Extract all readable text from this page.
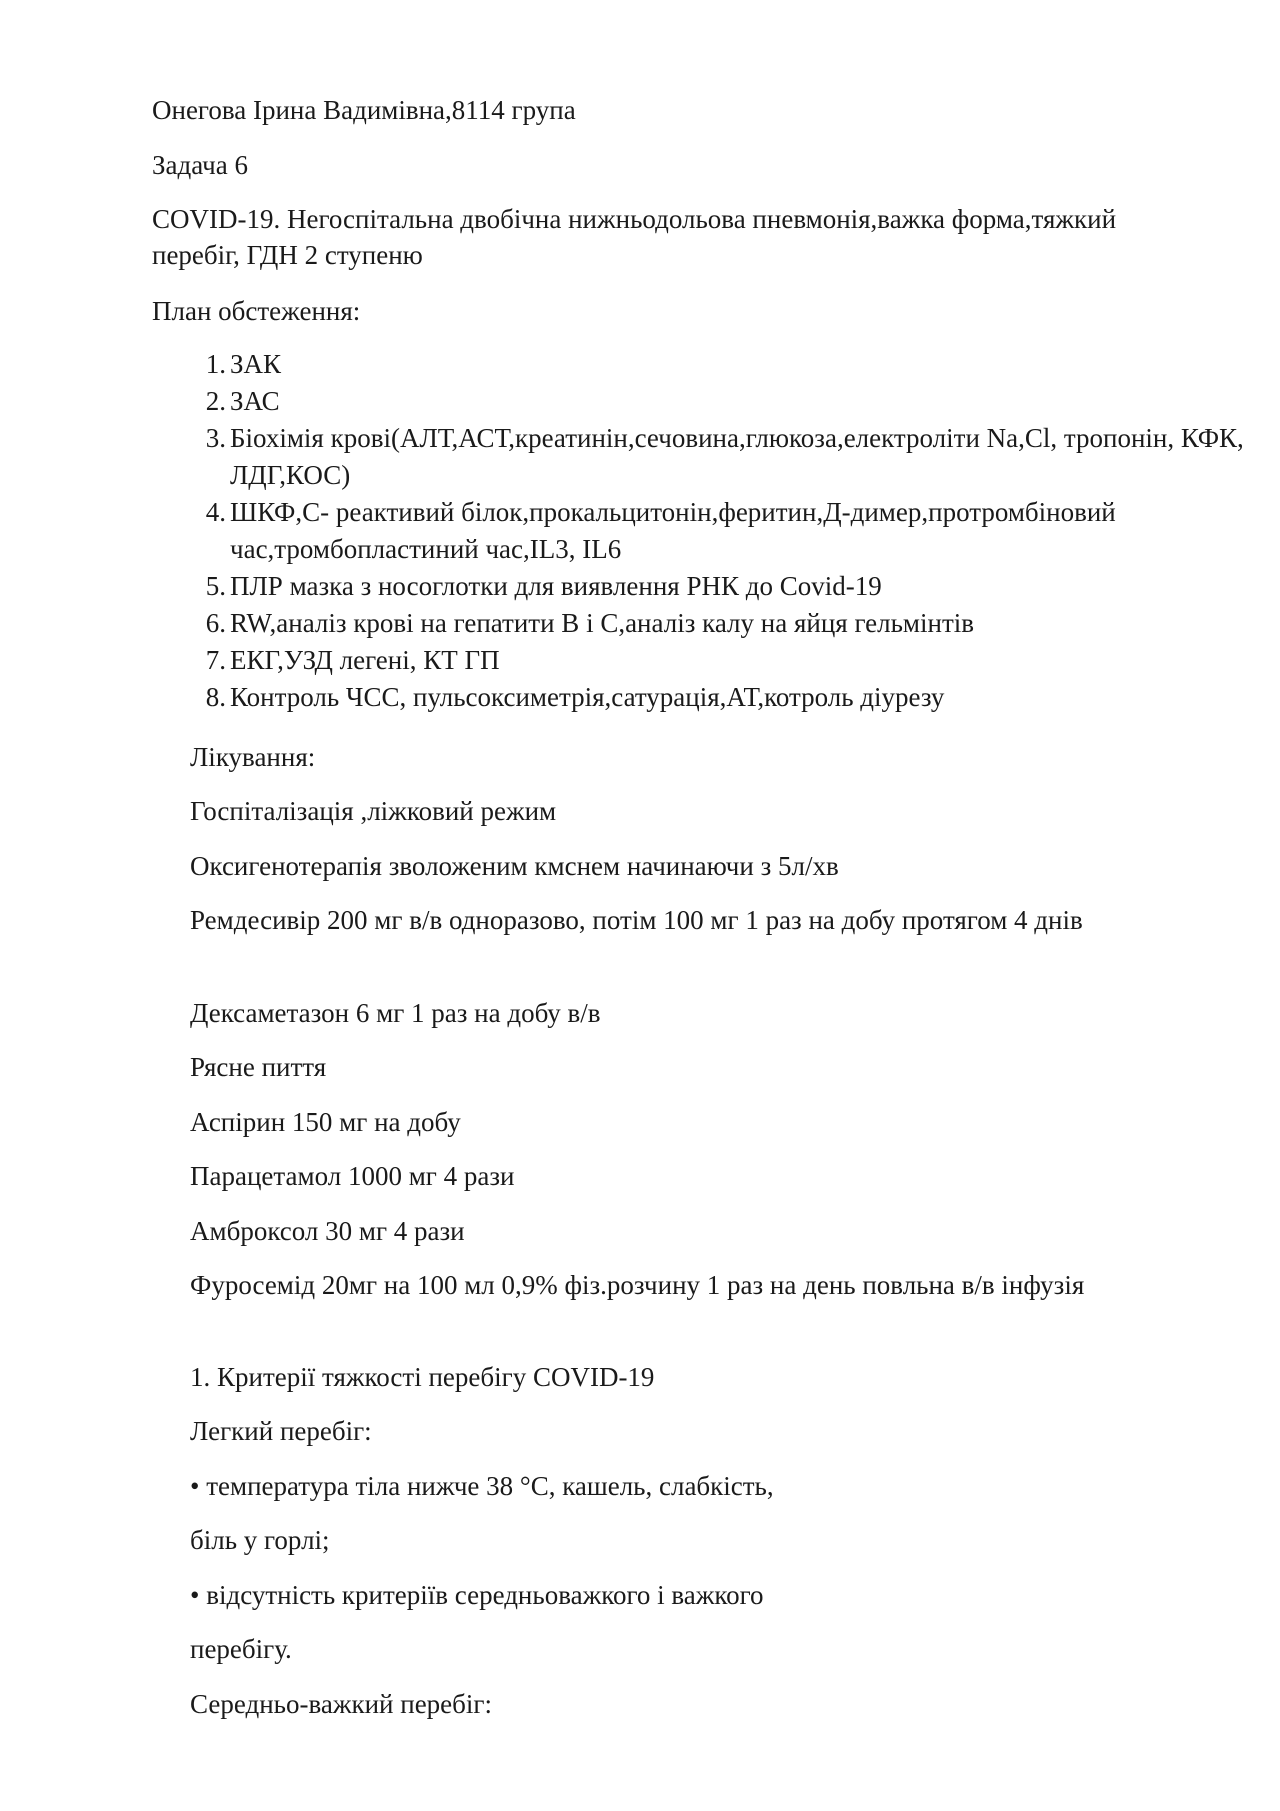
Онегова Ірина Вадимівна,8114 група

Задача 6

COVID-19. Негоспітальна двобічна нижньодольова пневмонія,важка форма,тяжкий перебіг, ГДН 2 ступеню

План обстеження:

1. ЗАК
2. ЗАС
3. Біохімія крові(АЛТ,АСТ,креатинін,сечовина,глюкоза,електроліти Na,Cl, тропонін, КФК, ЛДГ,КОС)
4. ШКФ,С- реактивий білок,прокальцитонін,феритин,Д-димер,протромбіновий час,тромбопластиний час,IL3, IL6
5. ПЛР мазка з носоглотки для виявлення РНК до Covid-19
6. RW,аналіз крові на гепатити В і С,аналіз калу на яйця гельмінтів
7. ЕКГ,УЗД легені, КТ ГП
8. Контроль ЧСС, пульсоксиметрія,сатурація,АТ,котроль діурезу

Лікування:

Госпіталізація ,ліжковий режим

Оксигенотерапія зволоженим кмснем начинаючи з 5л/хв

Ремдесивір 200 мг в/в одноразово, потім 100 мг 1 раз на добу протягом 4 днів

Дексаметазон 6 мг 1 раз на добу в/в

Рясне пиття

Аспірин 150 мг на добу

Парацетамол 1000 мг 4 рази

Амброксол 30 мг 4 рази

Фуросемід 20мг на 100 мл 0,9% фіз.розчину 1 раз на день повльна в/в інфузія

1. Критерії тяжкості перебігу COVID-19

Легкий перебіг:

• температура тіла нижче 38 °С, кашель, слабкість,

біль у горлі;

• відсутність критеріїв середньоважкого і важкого

перебігу.

Середньо-важкий перебіг:
